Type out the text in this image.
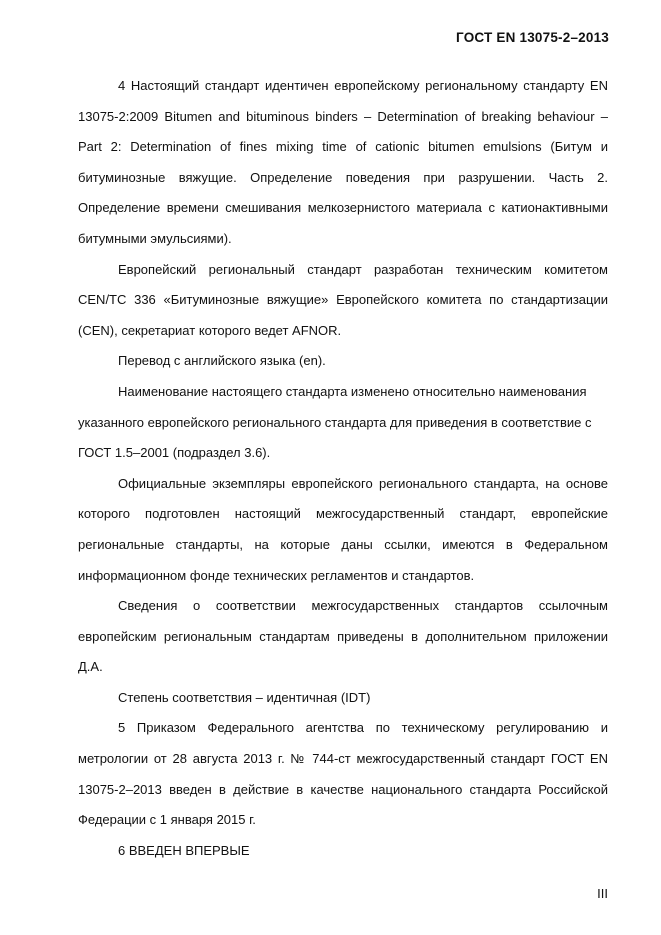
ГОСТ EN 13075-2–2013

4 Настоящий стандарт идентичен европейскому региональному стандарту EN 13075-2:2009 Bitumen and bituminous binders – Determination of breaking behaviour – Part 2: Determination of fines mixing time of cationic bitumen emulsions (Битум и битуминозные вяжущие. Определение поведения при разрушении. Часть 2. Определение времени смешивания мелкозернистого материала с катионактивными битумными эмульсиями).

Европейский региональный стандарт разработан техническим комитетом CEN/TC 336 «Битуминозные вяжущие» Европейского комитета по стандартизации (CEN), секретариат которого ведет AFNOR.

Перевод с английского языка (en).

Наименование настоящего стандарта изменено относительно наименования указанного европейского регионального стандарта для приведения в соответствие с ГОСТ 1.5–2001 (подраздел 3.6).

Официальные экземпляры европейского регионального стандарта, на основе которого подготовлен настоящий межгосударственный стандарт, европейские региональные стандарты, на которые даны ссылки, имеются в Федеральном информационном фонде технических регламентов и стандартов.

Сведения о соответствии межгосударственных стандартов ссылочным европейским региональным стандартам приведены в дополнительном приложении Д.А.

Степень соответствия – идентичная (IDT)

5 Приказом Федерального агентства по техническому регулированию и метрологии от 28 августа 2013 г. № 744-ст межгосударственный стандарт ГОСТ EN 13075-2–2013 введен в действие в качестве национального стандарта Российской Федерации с 1 января 2015 г.

6 ВВЕДЕН ВПЕРВЫЕ

III
